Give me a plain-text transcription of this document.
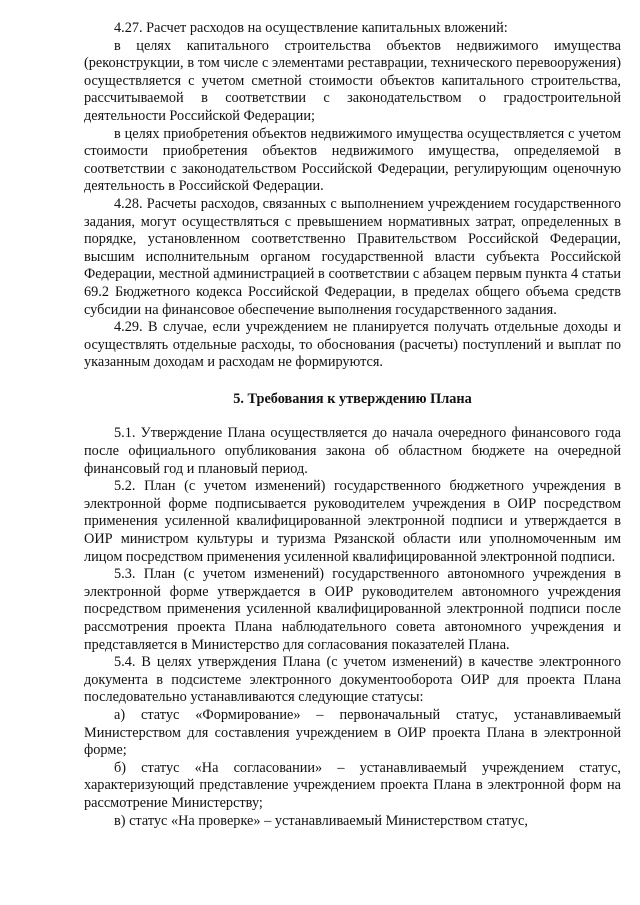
4.27. Расчет расходов на осуществление капитальных вложений:

в целях капитального строительства объектов недвижимого имущества (реконструкции, в том числе с элементами реставрации, технического перевооружения) осуществляется с учетом сметной стоимости объектов капитального строительства, рассчитываемой в соответствии с законодательством о градостроительной деятельности Российской Федерации;

в целях приобретения объектов недвижимого имущества осуществляется с учетом стоимости приобретения объектов недвижимого имущества, определяемой в соответствии с законодательством Российской Федерации, регулирующим оценочную деятельность в Российской Федерации.

4.28. Расчеты расходов, связанных с выполнением учреждением государственного задания, могут осуществляться с превышением нормативных затрат, определенных в порядке, установленном соответственно Правительством Российской Федерации, высшим исполнительным органом государственной власти субъекта Российской Федерации, местной администрацией в соответствии с абзацем первым пункта 4 статьи 69.2 Бюджетного кодекса Российской Федерации, в пределах общего объема средств субсидии на финансовое обеспечение выполнения государственного задания.

4.29. В случае, если учреждением не планируется получать отдельные доходы и осуществлять отдельные расходы, то обоснования (расчеты) поступлений и выплат по указанным доходам и расходам не формируются.

5. Требования к утверждению Плана

5.1. Утверждение Плана осуществляется до начала очередного финансового года после официального опубликования закона об областном бюджете на очередной финансовый год и плановый период.

5.2. План (с учетом изменений) государственного бюджетного учреждения в электронной форме подписывается руководителем учреждения в ОИР посредством применения усиленной квалифицированной электронной подписи и утверждается в ОИР министром культуры и туризма Рязанской области или уполномоченным им лицом посредством применения усиленной квалифицированной электронной подписи.

5.3. План (с учетом изменений) государственного автономного учреждения в электронной форме утверждается в ОИР руководителем автономного учреждения посредством применения усиленной квалифицированной электронной подписи после рассмотрения проекта Плана наблюдательного совета автономного учреждения и представляется в Министерство для согласования показателей Плана.

5.4. В целях утверждения Плана (с учетом изменений) в качестве электронного документа в подсистеме электронного документооборота ОИР для проекта Плана последовательно устанавливаются следующие статусы:

а) статус «Формирование» – первоначальный статус, устанавливаемый Министерством для составления учреждением в ОИР проекта Плана в электронной форме;

б) статус «На согласовании» – устанавливаемый учреждением статус, характеризующий представление учреждением проекта Плана в электронной форм на рассмотрение Министерству;

в) статус «На проверке» – устанавливаемый Министерством статус,
